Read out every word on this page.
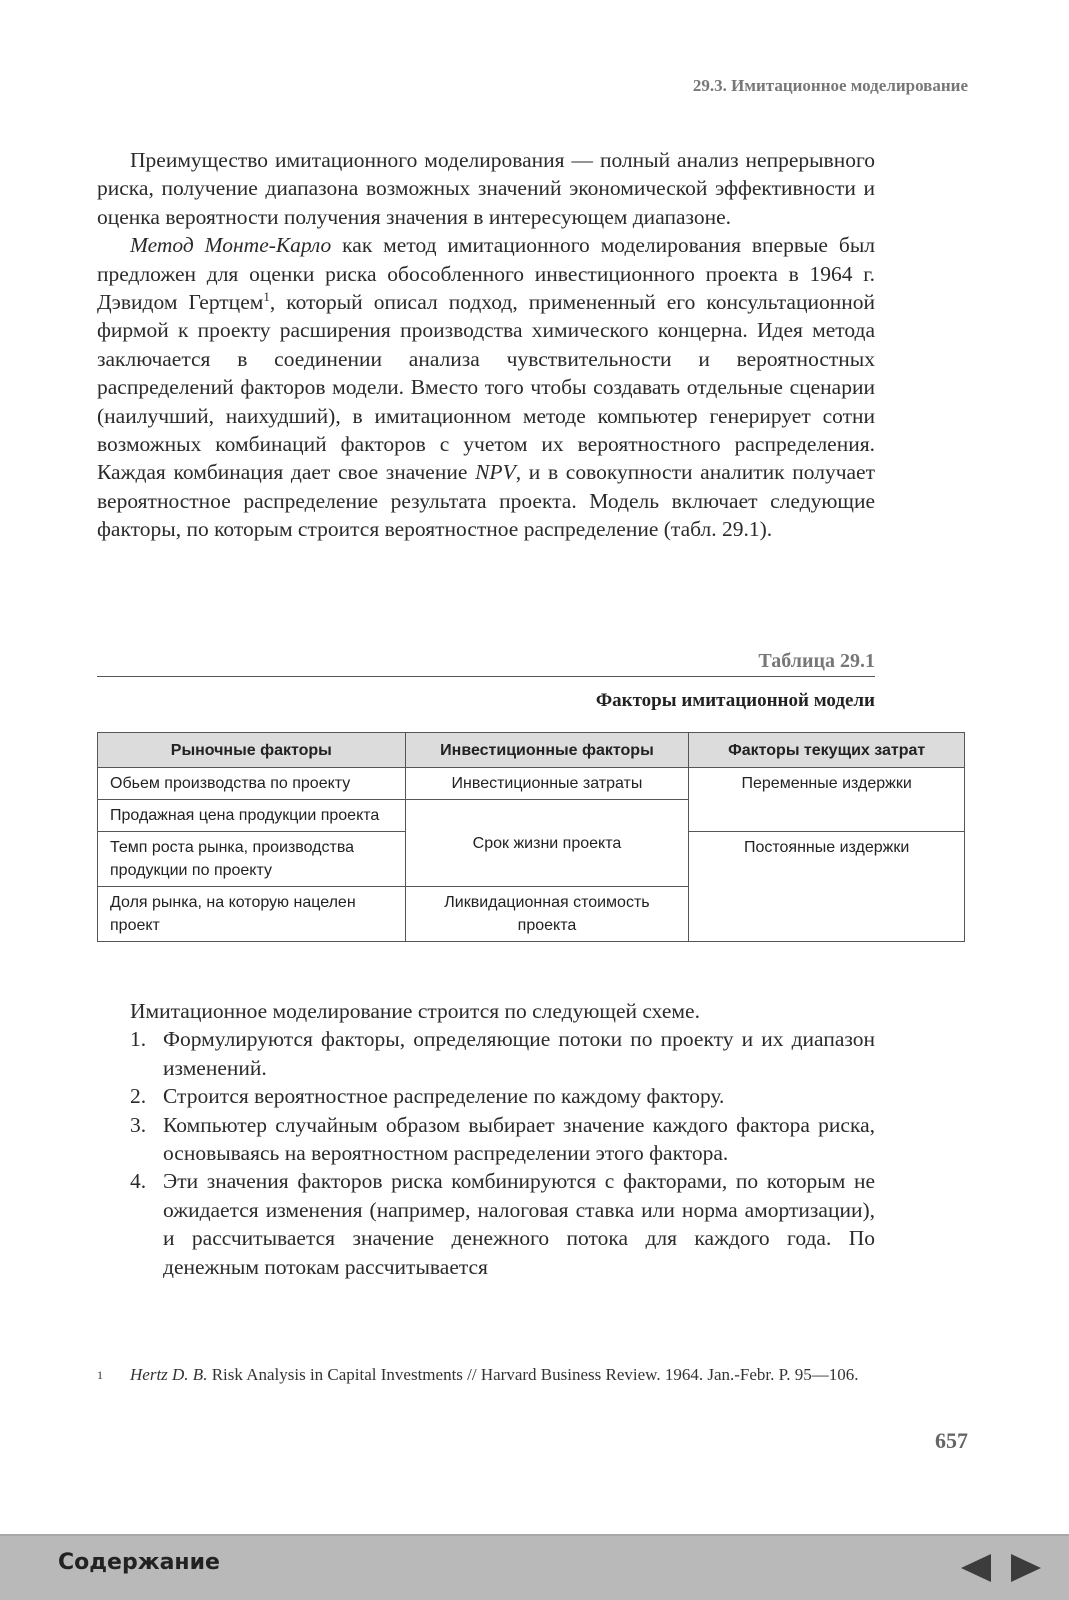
29.3. Имитационное моделирование

Преимущество имитационного моделирования — полный анализ непрерывного риска, получение диапазона возможных значений экономической эффективности и оценка вероятности получения значения в интересующем диапазоне.

Метод Монте-Карло как метод имитационного моделирования впервые был предложен для оценки риска обособленного инвестиционного проекта в 1964 г. Дэвидом Гертцем$^1$, который описал подход, примененный его консультационной фирмой к проекту расширения производства химического концерна. Идея метода заключается в соединении анализа чувствительности и вероятностных распределений факторов модели. Вместо того чтобы создавать отдельные сценарии (наилучший, наихудший), в имитационном методе компьютер генерирует сотни возможных комбинаций факторов с учетом их вероятностного распределения. Каждая комбинация дает свое значение NPV, и в совокупности аналитик получает вероятностное распределение результата проекта. Модель включает следующие факторы, по которым строится вероятностное распределение (табл. 29.1).

Таблица 29.1
Факторы имитационной модели
Рыночные факторы	Инвестиционные факторы	Факторы текущих затрат
Обьем производства по проекту	Инвестиционные затраты	Переменные издержки
Продажная цена продукции проекта	Срок жизни проекта	
Темп роста рынка, производства продукции по проекту		Постоянные издержки
Доля рынка, на которую нацелен проект	Ликвидационная стоимость проекта	

Имитационное моделирование строится по следующей схеме.

1. Формулируются факторы, определяющие потоки по проекту и их диапазон изменений.
2. Строится вероятностное распределение по каждому фактору.
3. Компьютер случайным образом выбирает значение каждого фактора риска, основываясь на вероятностном распределении этого фактора.
4. Эти значения факторов риска комбинируются с факторами, по которым не ожидается изменения (например, налоговая ставка или норма амортизации), и рассчитывается значение денежного потока для каждого года. По денежным потокам рассчитывается
1	Hertz D. B. Risk Analysis in Capital Investments // Harvard Business Review. 1964. Jan.-Febr. P. 95—106.
657
Содержание
